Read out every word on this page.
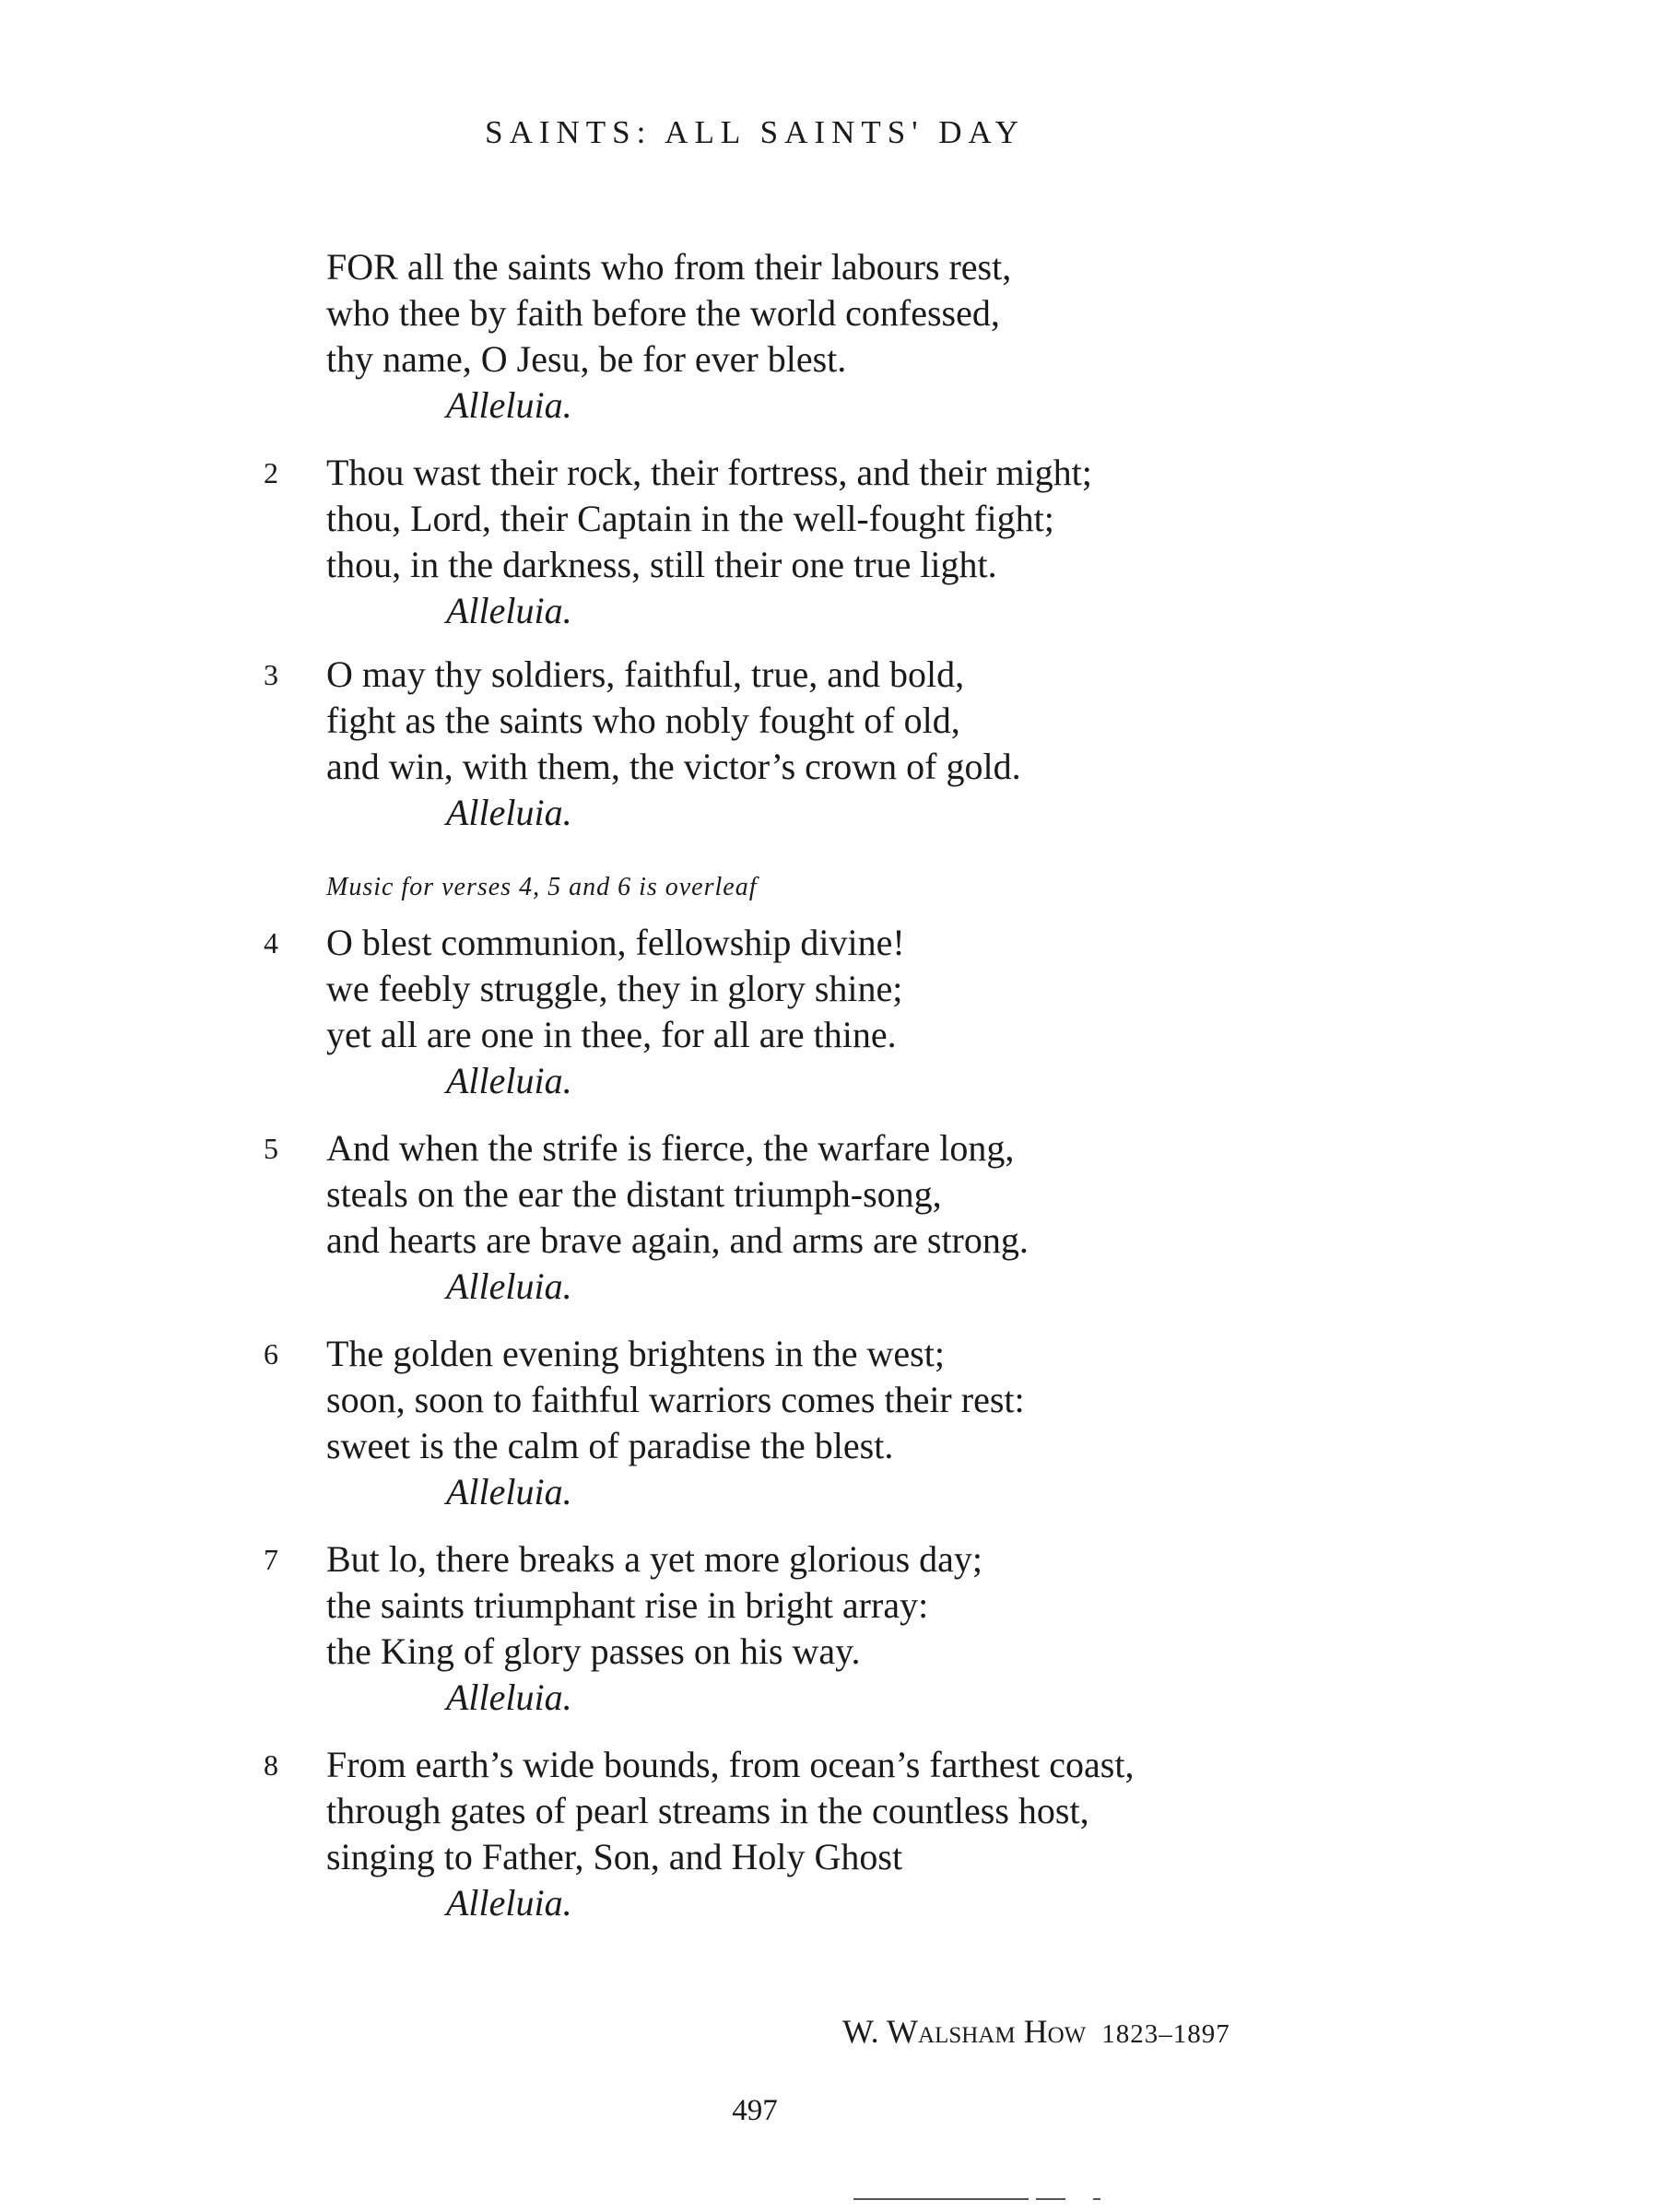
SAINTS: ALL SAINTS' DAY
FOR all the saints who from their labours rest,
who thee by faith before the world confessed,
thy name, O Jesu, be for ever blest.
Alleluia.
2	Thou wast their rock, their fortress, and their might;
thou, Lord, their Captain in the well-fought fight;
thou, in the darkness, still their one true light.
Alleluia.
3	O may thy soldiers, faithful, true, and bold,
fight as the saints who nobly fought of old,
and win, with them, the victor’s crown of gold.
Alleluia.
Music for verses 4, 5 and 6 is overleaf
4	O blest communion, fellowship divine!
we feebly struggle, they in glory shine;
yet all are one in thee, for all are thine.
Alleluia.
5	And when the strife is fierce, the warfare long,
steals on the ear the distant triumph-song,
and hearts are brave again, and arms are strong.
Alleluia.
6	The golden evening brightens in the west;
soon, soon to faithful warriors comes their rest:
sweet is the calm of paradise the blest.
Alleluia.
7	But lo, there breaks a yet more glorious day;
the saints triumphant rise in bright array:
the King of glory passes on his way.
Alleluia.
8	From earth’s wide bounds, from ocean’s farthest coast,
through gates of pearl streams in the countless host,
singing to Father, Son, and Holy Ghost
Alleluia.
W. Walsham How 1823–1897
497
